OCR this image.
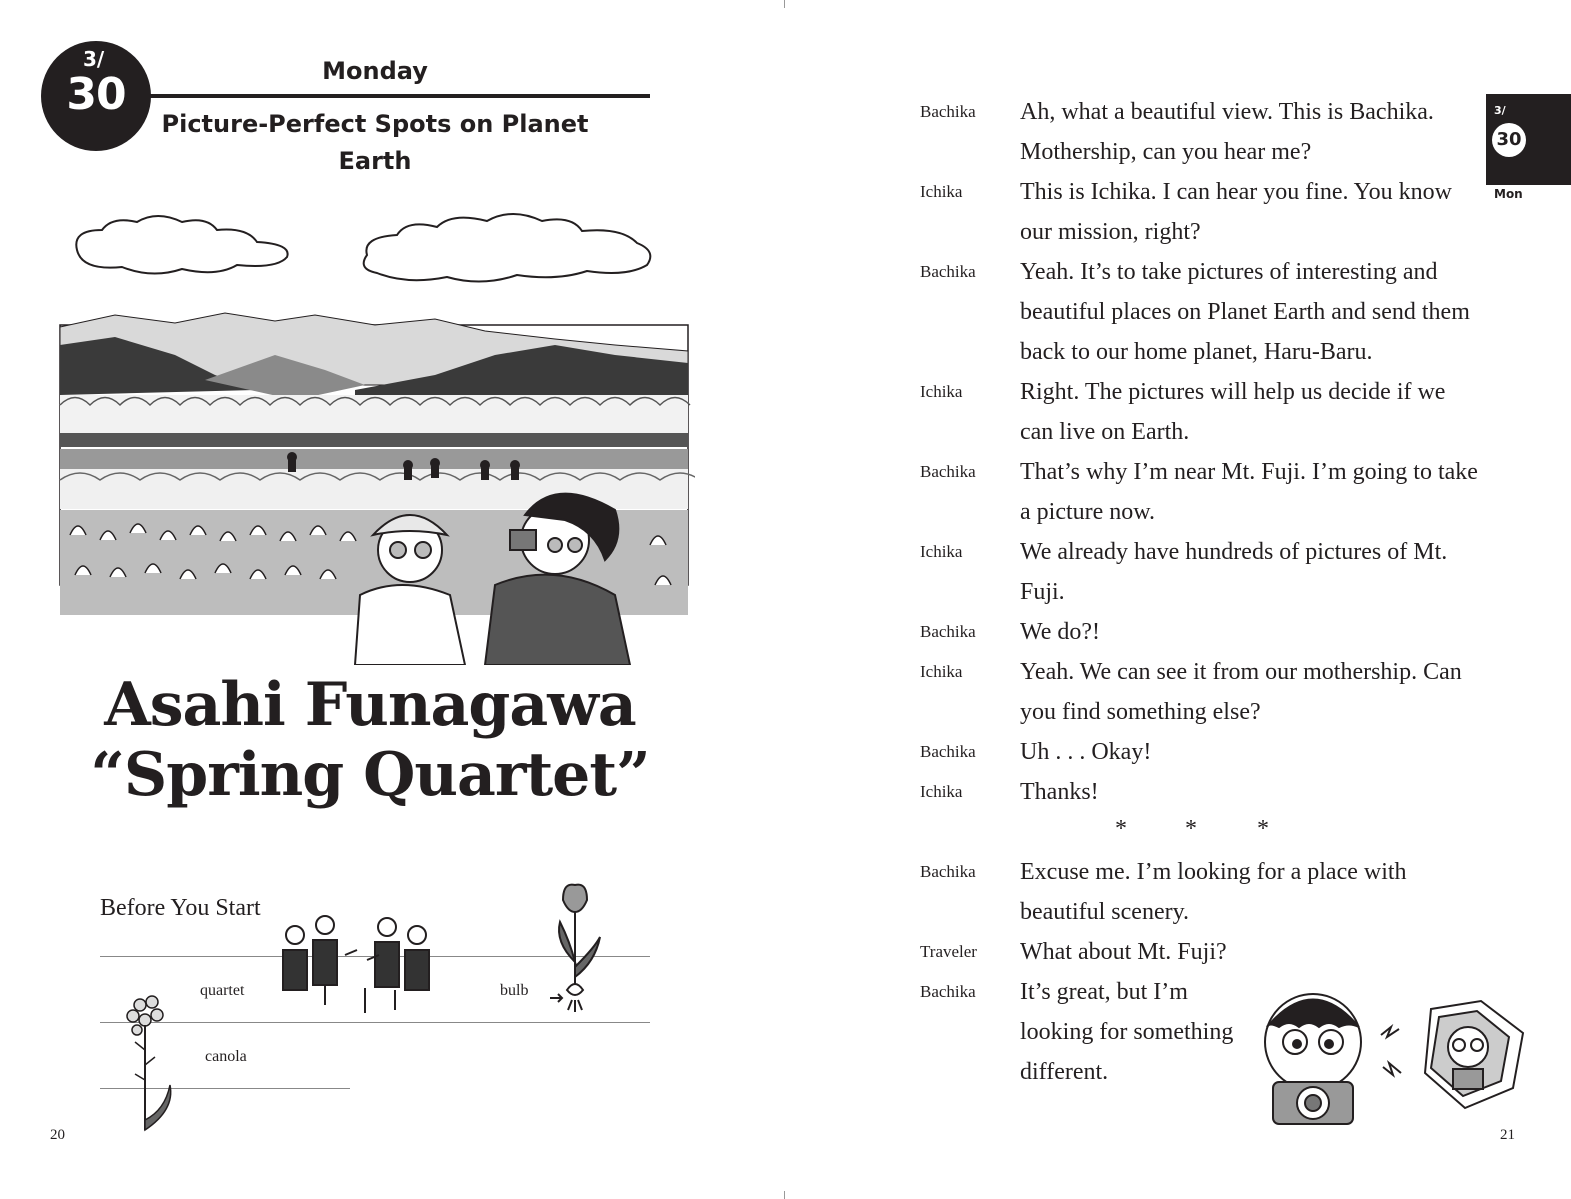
3/
30	Monday
Picture-Perfect Spots on Planet Earth
Asahi Funagawa
“Spring Quartet”
Before You Start
quartet	bulb
canola
20
3/
30
Mon
Bachika	Ah, what a beautiful view. This is Bachika. Mothership, can you hear me?
Ichika	This is Ichika. I can hear you fine. You know our mission, right?
Bachika	Yeah. It’s to take pictures of interesting and beautiful places on Planet Earth and send them back to our home planet, Haru-Baru.
Ichika	Right. The pictures will help us decide if we can live on Earth.
Bachika	That’s why I’m near Mt. Fuji. I’m going to take a picture now.
Ichika	We already have hundreds of pictures of Mt. Fuji.
Bachika	We do?!
Ichika	Yeah. We can see it from our mothership. Can you find something else?
Bachika	Uh . . . Okay!
Ichika	Thanks!
* *	*
Bachika	Excuse me. I’m looking for a place with beautiful scenery.
Traveler	What about Mt. Fuji?
Bachika	It’s great, but I’m looking for something different.
21
